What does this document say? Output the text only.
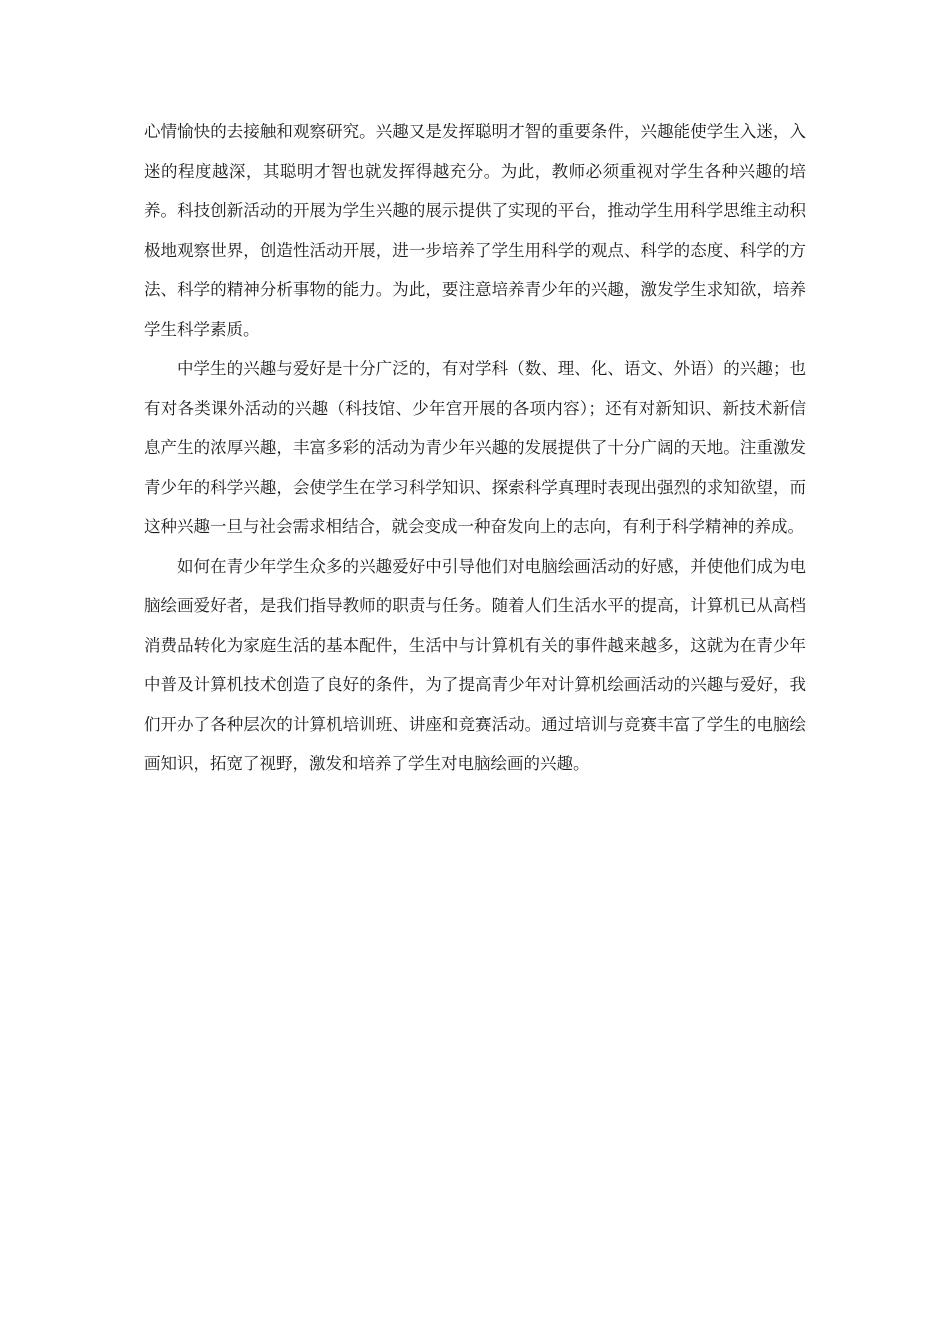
心情愉快的去接触和观察研究。兴趣又是发挥聪明才智的重要条件，兴趣能使学生入迷，入迷的程度越深，其聪明才智也就发挥得越充分。为此，教师必须重视对学生各种兴趣的培养。科技创新活动的开展为学生兴趣的展示提供了实现的平台，推动学生用科学思维主动积极地观察世界，创造性活动开展，进一步培养了学生用科学的观点、科学的态度、科学的方法、科学的精神分析事物的能力。为此，要注意培养青少年的兴趣，激发学生求知欲，培养学生科学素质。

中学生的兴趣与爱好是十分广泛的，有对学科（数、理、化、语文、外语）的兴趣；也有对各类课外活动的兴趣（科技馆、少年宫开展的各项内容）；还有对新知识、新技术新信息产生的浓厚兴趣，丰富多彩的活动为青少年兴趣的发展提供了十分广阔的天地。注重激发青少年的科学兴趣，会使学生在学习科学知识、探索科学真理时表现出强烈的求知欲望，而这种兴趣一旦与社会需求相结合，就会变成一种奋发向上的志向，有利于科学精神的养成。

如何在青少年学生众多的兴趣爱好中引导他们对电脑绘画活动的好感，并使他们成为电脑绘画爱好者，是我们指导教师的职责与任务。随着人们生活水平的提高，计算机已从高档消费品转化为家庭生活的基本配件，生活中与计算机有关的事件越来越多，这就为在青少年中普及计算机技术创造了良好的条件，为了提高青少年对计算机绘画活动的兴趣与爱好，我们开办了各种层次的计算机培训班、讲座和竞赛活动。通过培训与竞赛丰富了学生的电脑绘画知识，拓宽了视野，激发和培养了学生对电脑绘画的兴趣。
